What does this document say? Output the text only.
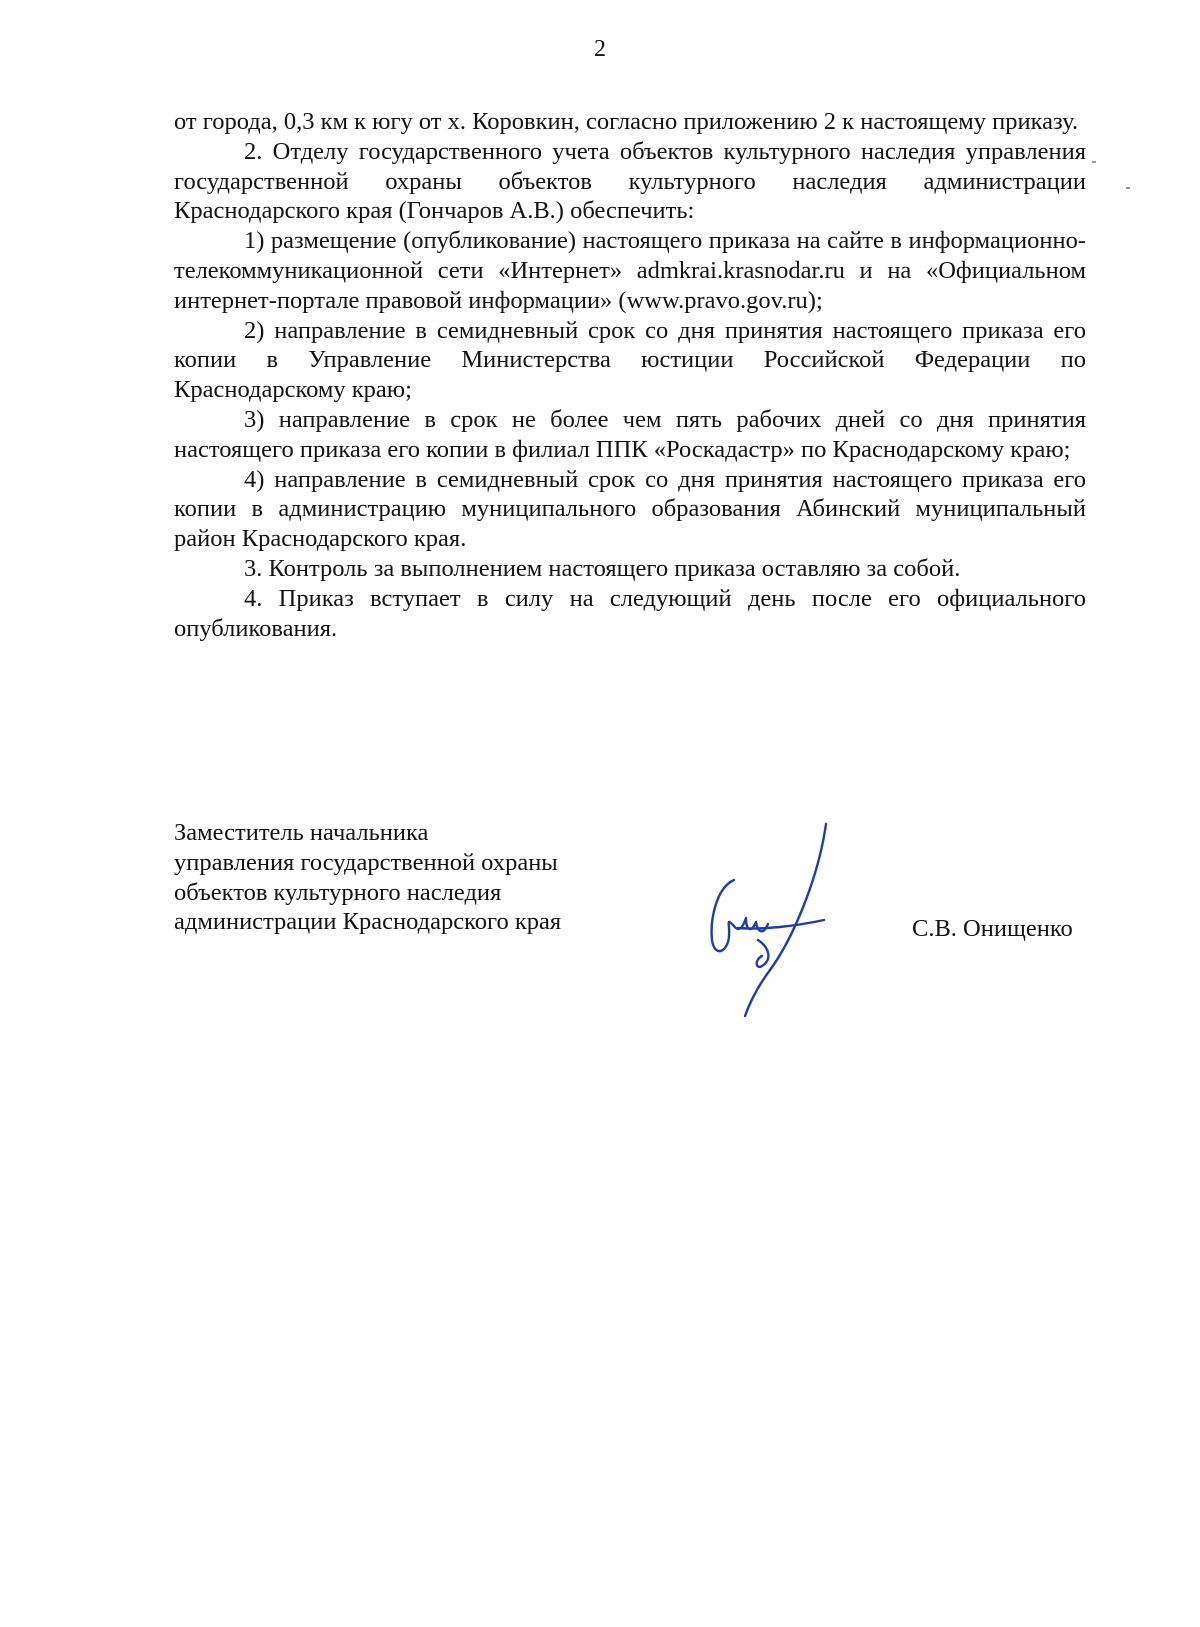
2

от города, 0,3 км к югу от х. Коровкин, согласно приложению 2 к настоящему приказу.

2. Отделу государственного учета объектов культурного наследия управления государственной охраны объектов культурного наследия администрации Краснодарского края (Гончаров А.В.) обеспечить:

1) размещение (опубликование) настоящего приказа на сайте в информационно-телекоммуникационной сети «Интернет» admkrai.krasnodar.ru и на «Официальном интернет-портале правовой информации» (www.pravo.gov.ru);

2) направление в семидневный срок со дня принятия настоящего приказа его копии в Управление Министерства юстиции Российской Федерации по Краснодарскому краю;

3) направление в срок не более чем пять рабочих дней со дня принятия настоящего приказа его копии в филиал ППК «Роскадастр» по Краснодарскому краю;

4) направление в семидневный срок со дня принятия настоящего приказа его копии в администрацию муниципального образования Абинский муниципальный район Краснодарского края.

3. Контроль за выполнением настоящего приказа оставляю за собой.

4. Приказ вступает в силу на следующий день после его официального опубликования.

Заместитель начальника
управления государственной охраны
объектов культурного наследия
администрации Краснодарского края	С.В. Онищенко
